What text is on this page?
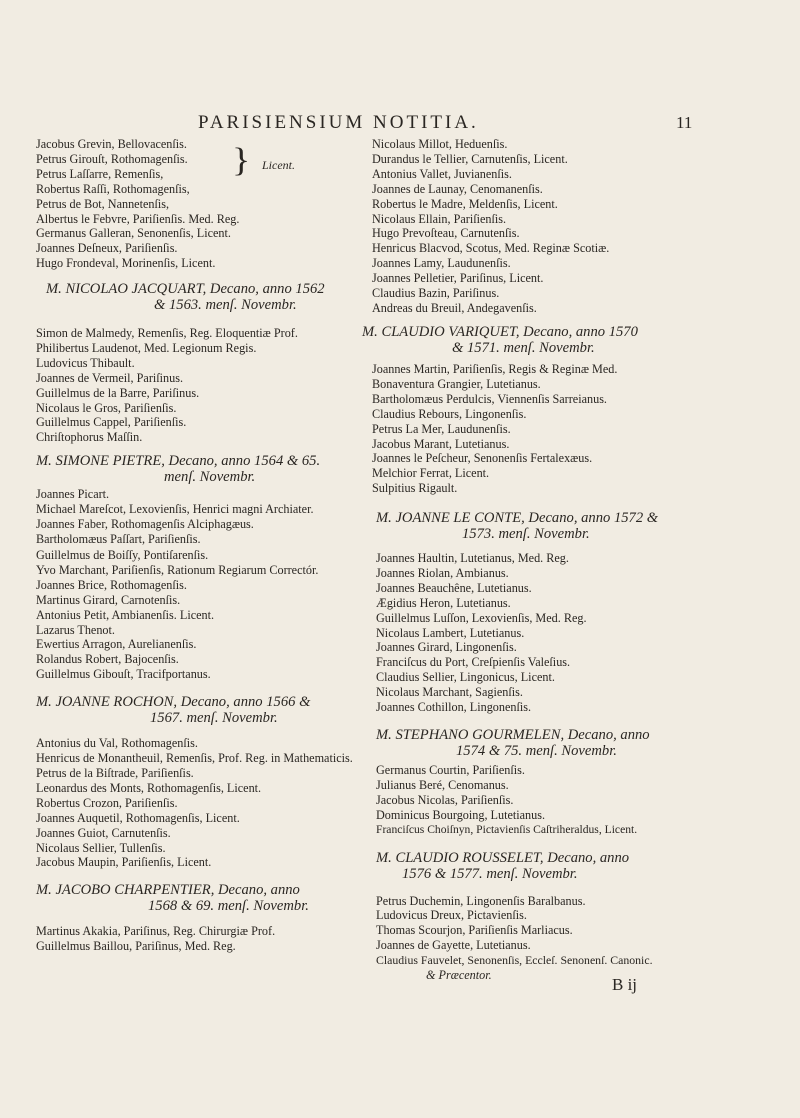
PARISIENSIUM NOTITIA.	11
Jacobus Grevin, Bellovacenſis.
Petrus Girouſt, Rothomagenſis.
Petrus Laſſarre, Remenſis,
Robertus Raſſi, Rothomagenſis,
Petrus de Bot, Nannetenſis,
Albertus le Febvre, Pariſienſis. Med. Reg.
Germanus Galleran, Senonenſis, Licent.
Joannes Deſneux, Pariſienſis.
Hugo Frondeval, Morinenſis, Licent.
M. NICOLAO JACQUART, Decano, anno 1562
& 1563. menſ. Novembr.
} Licent.
Nicolaus Millot, Heduenſis.
Durandus le Tellier, Carnutenſis, Licent.
Antonius Vallet, Juvianenſis.
Joannes de Launay, Cenomanenſis.
Robertus le Madre, Meldenſis, Licent.
Nicolaus Ellain, Pariſienſis.
Hugo Prevoſteau, Carnutenſis.
Henricus Blacvod, Scotus, Med. Reginæ Scotiæ.
Joannes Lamy, Laudunenſis.
Joannes Pelletier, Pariſinus, Licent.
Claudius Bazin, Pariſinus.
Andreas du Breuil, Andegavenſis.
Simon de Malmedy, Remenſis, Reg. Eloquentiæ Prof.
Philibertus Laudenot, Med. Legionum Regis.
Ludovicus Thibault.
Joannes de Vermeil, Pariſinus.
Guillelmus de la Barre, Pariſinus.
Nicolaus le Gros, Pariſienſis.
Guillelmus Cappel, Pariſienſis.
Chriſtophorus Maſſin.
M. SIMONE PIETRE, Decano, anno 1564 & 65.
menſ. Novembr.
Joannes Picart.
M. CLAUDIO VARIQUET, Decano, anno 1570
& 1571. menſ. Novembr.
Joannes Martin, Pariſienſis, Regis & Reginæ Med.
Bonaventura Grangier, Lutetianus.
Bartholomæus Perdulcis, Viennenſis Sarreianus.
Claudius Rebours, Lingonenſis.
Petrus La Mer, Laudunenſis.
Jacobus Marant, Lutetianus.
Joannes le Peſcheur, Senonenſis Fertalexæus.
Melchior Ferrat, Licent.
Sulpitius Rigault.
Michael Mareſcot, Lexovienſis, Henrici magni Archiater.
Joannes Faber, Rothomagenſis Alciphagæus.
Bartholomæus Paſſart, Pariſienſis.
M. JOANNE LE CONTE, Decano, anno 1572 &
1573. menſ. Novembr.
Guillelmus de Boiſſy, Pontiſarenſis.
Yvo Marchant, Pariſienſis, Rationum Regiarum Correctór.
Joannes Brice, Rothomagenſis.
Martinus Girard, Carnotenſis.
Antonius Petit, Ambianenſis. Licent.
Lazarus Thenot.
Ewertius Arragon, Aurelianenſis.
Rolandus Robert, Bajocenſis.
Guillelmus Gibouſt, Tracifportanus.
M. JOANNE ROCHON, Decano, anno 1566 &
1567. menſ. Novembr.
Antonius du Val, Rothomagenſis.
Henricus de Monantheuil, Remenſis, Prof. Reg. in Mathematicis.
Petrus de la Biſtrade, Pariſienſis.
Leonardus des Monts, Rothomagenſis, Licent.
Robertus Crozon, Pariſienſis.
Joannes Auquetil, Rothomagenſis, Licent.
Joannes Guiot, Carnutenſis.
Nicolaus Sellier, Tullenſis.
Jacobus Maupin, Pariſienſis, Licent.
M. JACOBO CHARPENTIER, Decano, anno
1568 & 69. menſ. Novembr.
Martinus Akakia, Pariſinus, Reg. Chirurgiæ Prof.
Guillelmus Baillou, Pariſinus, Med. Reg.
Joannes Haultin, Lutetianus, Med. Reg.
Joannes Riolan, Ambianus.
Joannes Beauchêne, Lutetianus.
Ægidius Heron, Lutetianus.
Guillelmus Luſſon, Lexovienſis, Med. Reg.
Nicolaus Lambert, Lutetianus.
Joannes Girard, Lingonenſis.
Franciſcus du Port, Creſpienſis Valeſius.
Claudius Sellier, Lingonicus, Licent.
Nicolaus Marchant, Sagienſis.
Joannes Cothillon, Lingonenſis.
M. STEPHANO GOURMELEN, Decano, anno
1574 & 75. menſ. Novembr.
Germanus Courtin, Pariſienſis.
Julianus Beré, Cenomanus.
Jacobus Nicolas, Pariſienſis.
Dominicus Bourgoing, Lutetianus.
Franciſcus Choiſnyn, Pictavienſis Caſtriheraldus, Licent.
M. CLAUDIO ROUSSELET, Decano, anno
1576 & 1577. menſ. Novembr.
Petrus Duchemin, Lingonenſis Baralbanus.
Ludovicus Dreux, Pictavienſis.
Thomas Scourjon, Pariſienſis Marliacus.
Joannes de Gayette, Lutetianus.
Claudius Fauvelet, Senonenſis, Eccleſ. Senonenſ. Canonic.
& Præcentor.	B ij
